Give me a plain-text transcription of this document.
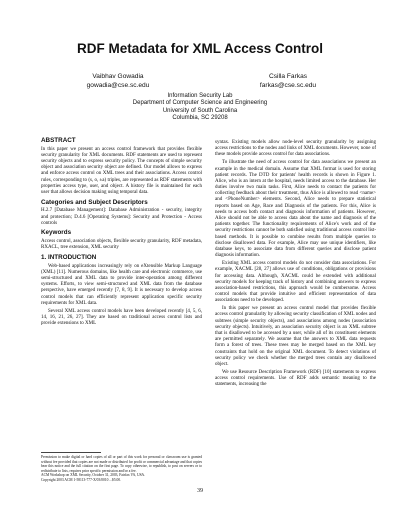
RDF Metadata for XML Access Control
Vaibhav Gowadia
gowadia@cse.sc.edu
Csilla Farkas
farkas@cse.sc.edu
Information Security Lab
Department of Computer Science and Engineering
University of South Carolina
Columbia, SC 29208
ABSTRACT

In this paper we present an access control framework that provides flexible security granularity for XML documents. RDF statements are used to represent security objects and to express security policy. The concepts of simple security object and association security object are defined. Our model allows to express and enforce access control on XML trees and their associations. Access control rules, corresponding to (s, o, ±a) triples, are represented as RDF statements with properties access type, user, and object. A history file is maintained for each user that allows decision making using temporal data.

Categories and Subject Descriptors

H.2.7 [Database Management]: Database Administration - security, integrity and protection; D.4.6 [Operating Systems]: Security and Protection - Access controls

Keywords

Access control, association objects, flexible security granularity, RDF metadata, RXACL, tree extension, XML security

1. INTRODUCTION

Web-based applications increasingly rely on eXtensible Markup Language (XML) [11]. Numerous domains, like health care and electronic commerce, use semi-structured and XML data to provide inter-operation among different systems. Efforts, to view semi-structured and XML data from the database perspective, have emerged recently [7, 8, 9]. It is necessary to develop access control models that can efficiently represent application specific security requirements for XML data.

Several XML access control models have been developed recently [4, 5, 6, 14, 16, 21, 26, 27]. They are based on traditional access control lists and provide extensions to XML

Permission to make digital or hard copies of all or part of this work for personal or classroom use is granted without fee provided that copies are not made or distributed for profit or commercial advantage and that copies bear this notice and the full citation on the first page. To copy otherwise, to republish, to post on servers or to redistribute to lists, requires prior specific permission and/or a fee.

ACM Workshop on XML Security, October 31, 2003, Fairfax VA, USA.

Copyright 2003 ACM 1-58113-777-X/03/0010 ...$5.00.

syntax. Existing models allow node-level security granularity by assigning access restrictions to the nodes and links of XML documents. However, none of these models provide access control for data associations.

To illustrate the need of access control for data associations we present an example in the medical domain. Assume that XML format is used for storing patient records. The DTD for patients' health records is shown in Figure 1. Alice, who is an intern at the hospital, needs limited access to the database. Her duties involve two main tasks. First, Alice needs to contact the patients for collecting feedback about their treatment, thus Alice is allowed to read <name> and <PhoneNumber> elements. Second, Alice needs to prepare statistical reports based on Age, Race and Diagnosis of the patients. For this, Alice is needs to access both contact and diagnosis information of patients. However, Alice should not be able to access data about the name and diagnosis of the patients together. The functionality requirements of Alice's work and of the security restrictions cannot be both satisfied using traditional access control list-based methods. It is possible to combine results from multiple queries to disclose disallowed data. For example, Alice may use unique identifiers, like database keys, to associate data from different queries and disclose patient diagnosis information.

Existing XML access control models do not consider data associations. For example, XACML [28, 27] allows use of conditions, obligations or provisions for accessing data. Although, XACML could be extended with additional security models for keeping track of history and combining answers to express association-based restrictions, this approach would be cumbersome. Access control models that provide intuitive and efficient representation of data associations need to be developed.

In this paper we present an access control model that provides flexible access control granularity by allowing security classification of XML nodes and subtrees (simple security objects), and associations among nodes (association security objects). Intuitively, an association security object is an XML subtree that is disallowed to be accessed by a user, while all of its constituent elements are permitted separately. We assume that the answers to XML data requests form a forest of trees. These trees may be merged based on the XML key constraints that hold on the original XML document. To detect violations of security policy we check whether the merged trees contain any disallowed object.

We use Resource Description Framework (RDF) [10] statements to express access control requirements. Use of RDF adds semantic meaning to the statements, increasing the

39
